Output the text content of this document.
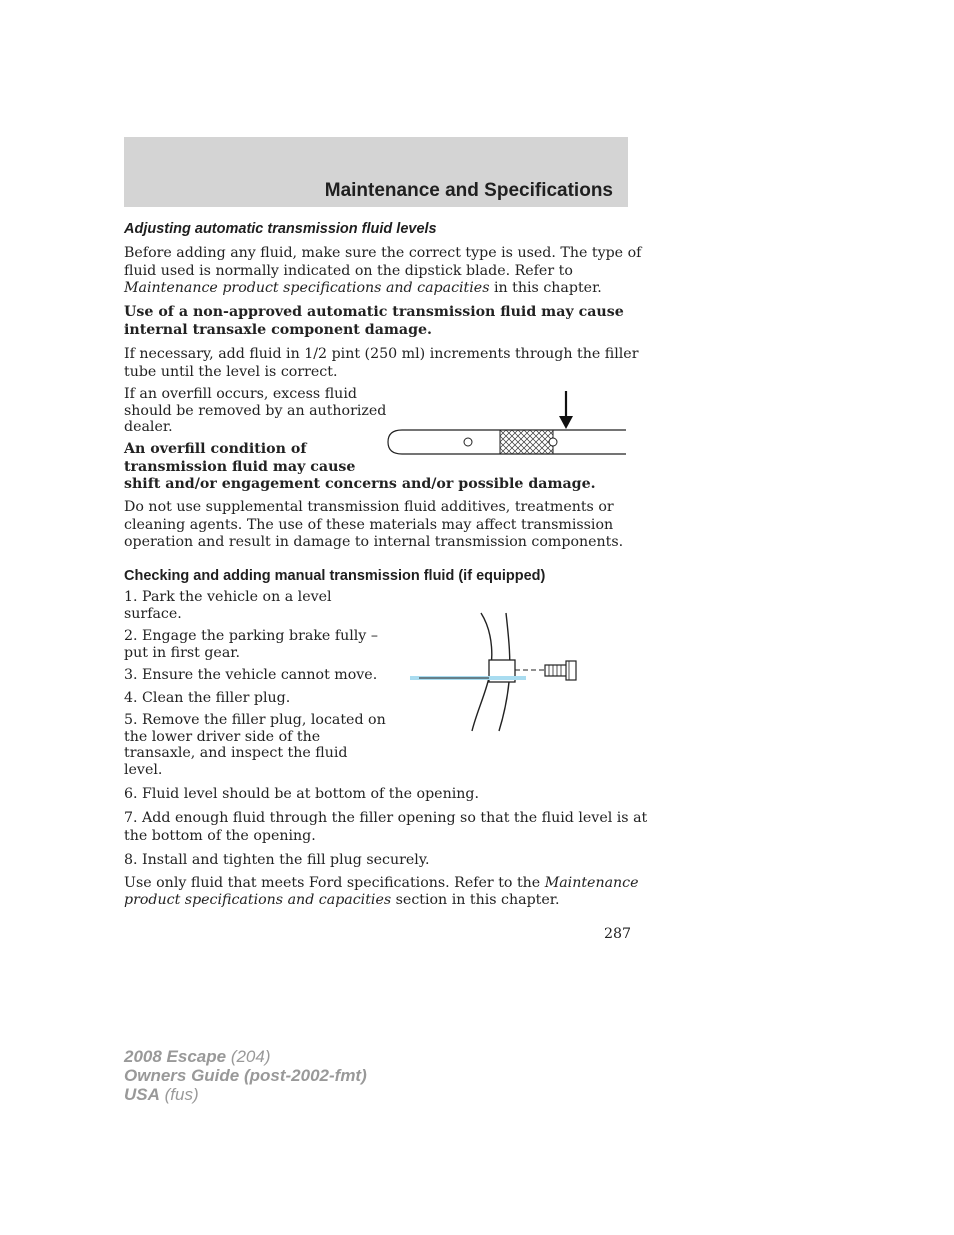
Maintenance and Specifications
Adjusting automatic transmission fluid levels
Before adding any fluid, make sure the correct type is used. The type of
fluid used is normally indicated on the dipstick blade. Refer to
Maintenance product specifications and capacities in this chapter.
Use of a non-approved automatic transmission fluid may cause
internal transaxle component damage.
If necessary, add fluid in 1/2 pint (250 ml) increments through the filler
tube until the level is correct.
If an overfill occurs, excess fluid
should be removed by an authorized
dealer.
An overfill condition of
transmission fluid may cause
shift and/or engagement concerns and/or possible damage.
Do not use supplemental transmission fluid additives, treatments or
cleaning agents. The use of these materials may affect transmission
operation and result in damage to internal transmission components.
Checking and adding manual transmission fluid (if equipped)
1. Park the vehicle on a level
surface.
2. Engage the parking brake fully –
put in first gear.
3. Ensure the vehicle cannot move.
4. Clean the filler plug.
5. Remove the filler plug, located on
the lower driver side of the
transaxle, and inspect the fluid
level.
6. Fluid level should be at bottom of the opening.
7. Add enough fluid through the filler opening so that the fluid level is at
the bottom of the opening.
8. Install and tighten the fill plug securely.
Use only fluid that meets Ford specifications. Refer to the Maintenance
product specifications and capacities section in this chapter.
287
2008 Escape (204)
Owners Guide (post-2002-fmt)
USA (fus)
